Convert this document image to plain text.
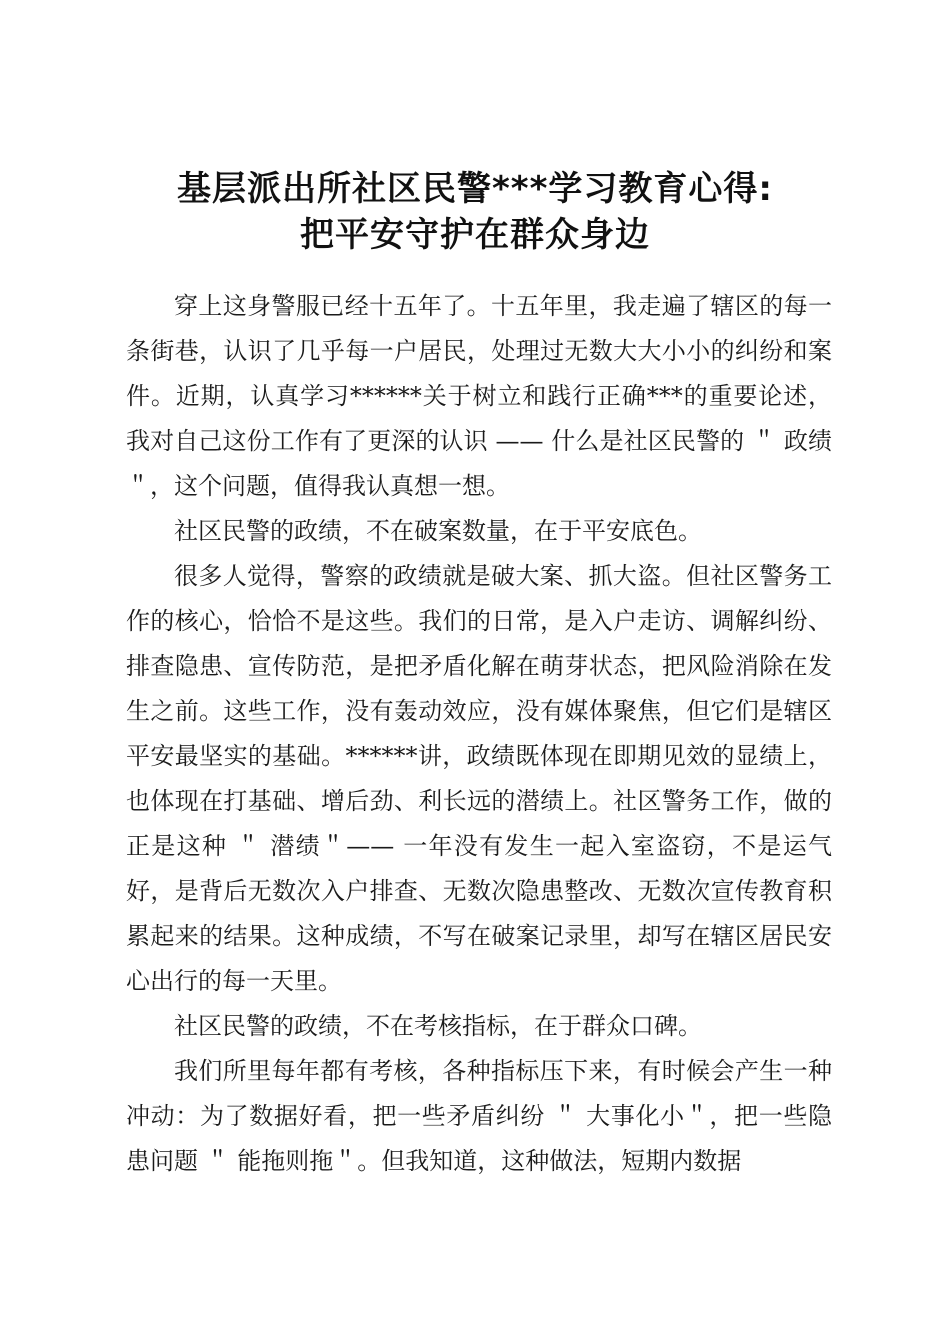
基层派出所社区民警***学习教育心得:
把平安守护在群众身边

穿上这身警服已经十五年了。十五年里，我走遍了辖区的每一条街巷，认识了几乎每一户居民，处理过无数大大小小的纠纷和案件。近期，认真学习******关于树立和践行正确***的重要论述，我对自己这份工作有了更深的认识 —— 什么是社区民警的 ＂ 政绩＂，这个问题，值得我认真想一想。

社区民警的政绩，不在破案数量，在于平安底色。

很多人觉得，警察的政绩就是破大案、抓大盗。但社区警务工作的核心，恰恰不是这些。我们的日常，是入户走访、调解纠纷、排查隐患、宣传防范，是把矛盾化解在萌芽状态，把风险消除在发生之前。这些工作，没有轰动效应，没有媒体聚焦，但它们是辖区平安最坚实的基础。******讲，政绩既体现在即期见效的显绩上，也体现在打基础、增后劲、利长远的潜绩上。社区警务工作，做的正是这种 ＂ 潜绩＂—— 一年没有发生一起入室盗窃，不是运气好，是背后无数次入户排查、无数次隐患整改、无数次宣传教育积累起来的结果。这种成绩，不写在破案记录里，却写在辖区居民安心出行的每一天里。

社区民警的政绩，不在考核指标，在于群众口碑。

我们所里每年都有考核，各种指标压下来，有时候会产生一种冲动：为了数据好看，把一些矛盾纠纷 ＂ 大事化小＂，把一些隐患问题 ＂ 能拖则拖＂。但我知道，这种做法，短期内数据
